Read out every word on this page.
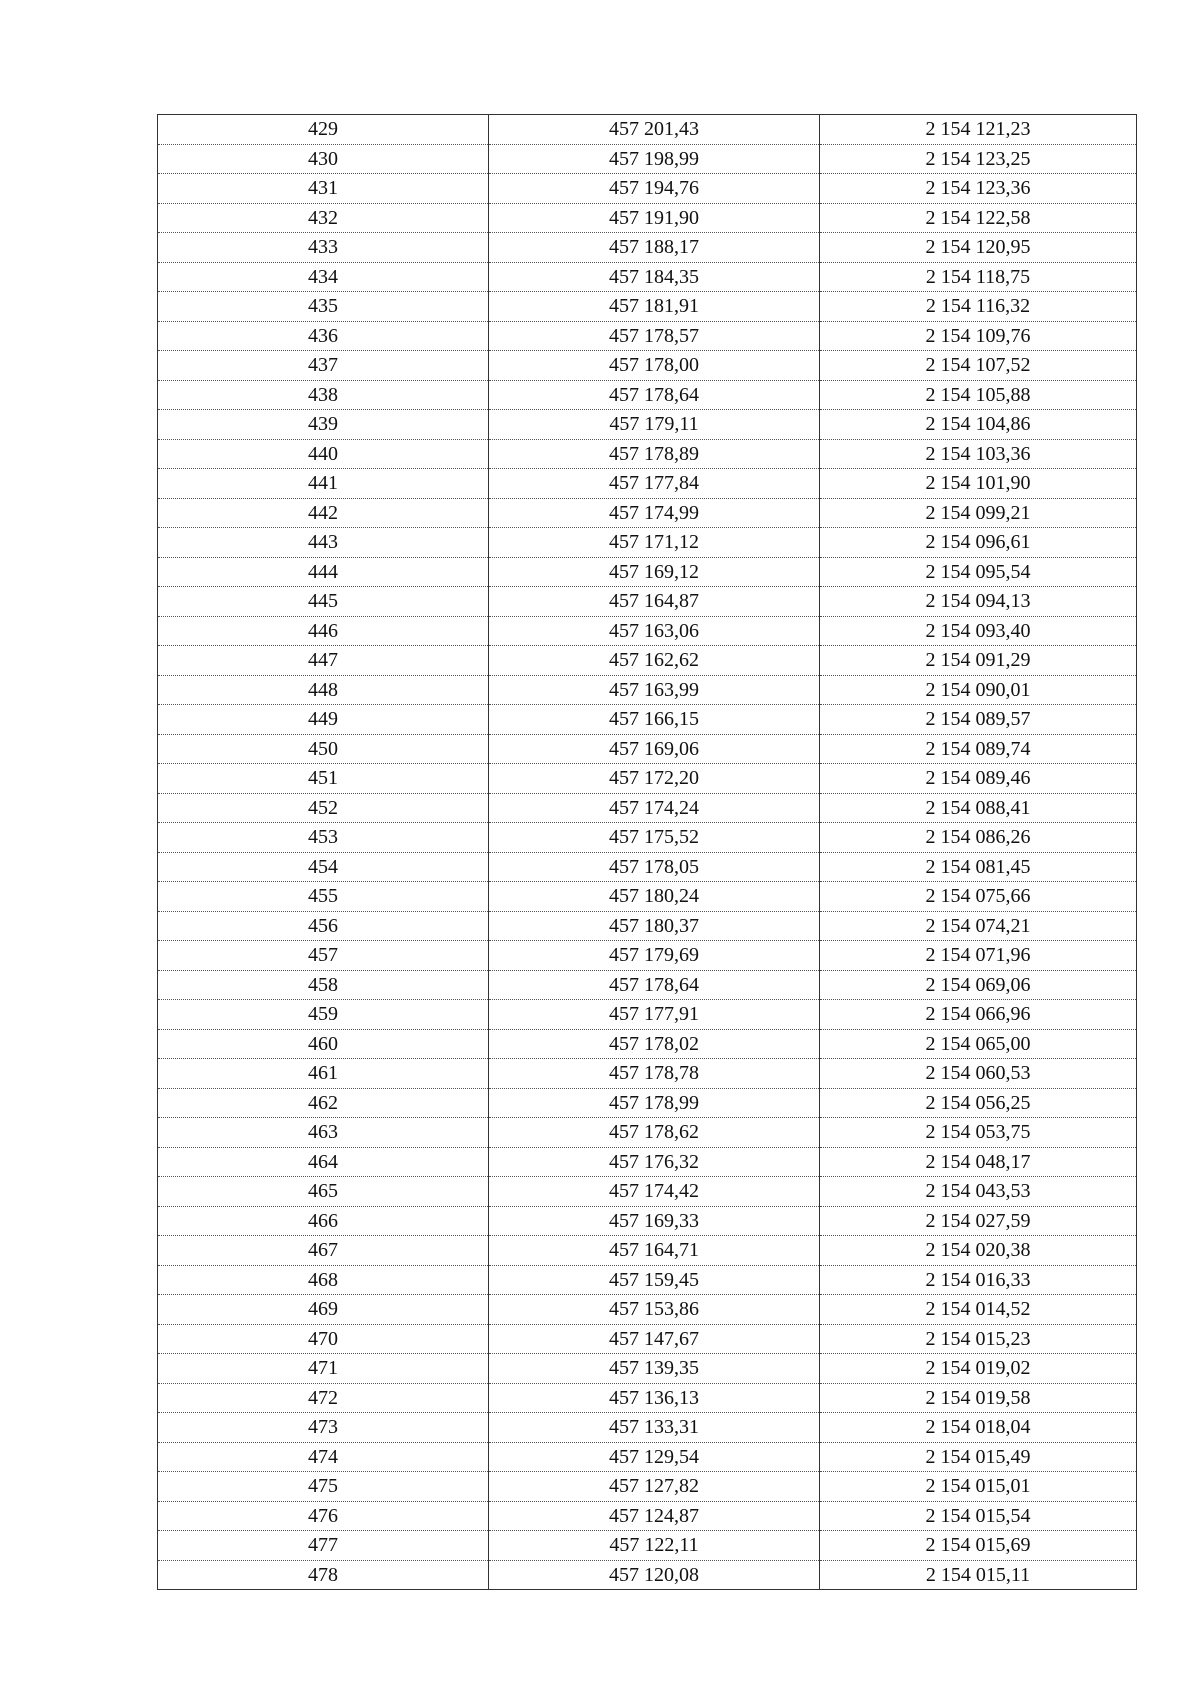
429	457 201,43	2 154 121,23
430	457 198,99	2 154 123,25
431	457 194,76	2 154 123,36
432	457 191,90	2 154 122,58
433	457 188,17	2 154 120,95
434	457 184,35	2 154 118,75
435	457 181,91	2 154 116,32
436	457 178,57	2 154 109,76
437	457 178,00	2 154 107,52
438	457 178,64	2 154 105,88
439	457 179,11	2 154 104,86
440	457 178,89	2 154 103,36
441	457 177,84	2 154 101,90
442	457 174,99	2 154 099,21
443	457 171,12	2 154 096,61
444	457 169,12	2 154 095,54
445	457 164,87	2 154 094,13
446	457 163,06	2 154 093,40
447	457 162,62	2 154 091,29
448	457 163,99	2 154 090,01
449	457 166,15	2 154 089,57
450	457 169,06	2 154 089,74
451	457 172,20	2 154 089,46
452	457 174,24	2 154 088,41
453	457 175,52	2 154 086,26
454	457 178,05	2 154 081,45
455	457 180,24	2 154 075,66
456	457 180,37	2 154 074,21
457	457 179,69	2 154 071,96
458	457 178,64	2 154 069,06
459	457 177,91	2 154 066,96
460	457 178,02	2 154 065,00
461	457 178,78	2 154 060,53
462	457 178,99	2 154 056,25
463	457 178,62	2 154 053,75
464	457 176,32	2 154 048,17
465	457 174,42	2 154 043,53
466	457 169,33	2 154 027,59
467	457 164,71	2 154 020,38
468	457 159,45	2 154 016,33
469	457 153,86	2 154 014,52
470	457 147,67	2 154 015,23
471	457 139,35	2 154 019,02
472	457 136,13	2 154 019,58
473	457 133,31	2 154 018,04
474	457 129,54	2 154 015,49
475	457 127,82	2 154 015,01
476	457 124,87	2 154 015,54
477	457 122,11	2 154 015,69
478	457 120,08	2 154 015,11
